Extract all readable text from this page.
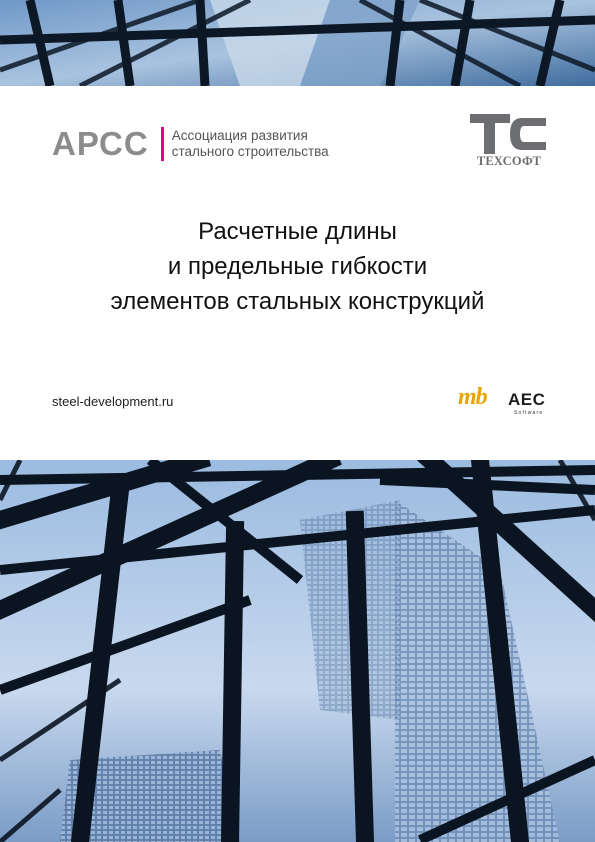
АРСС Ассоциация развития
стального строительства
ТЕХСОФТ
Расчетные длины
и предельные гибкости
элементов стальных конструкций
steel-development.ru	mb AEC
Software
